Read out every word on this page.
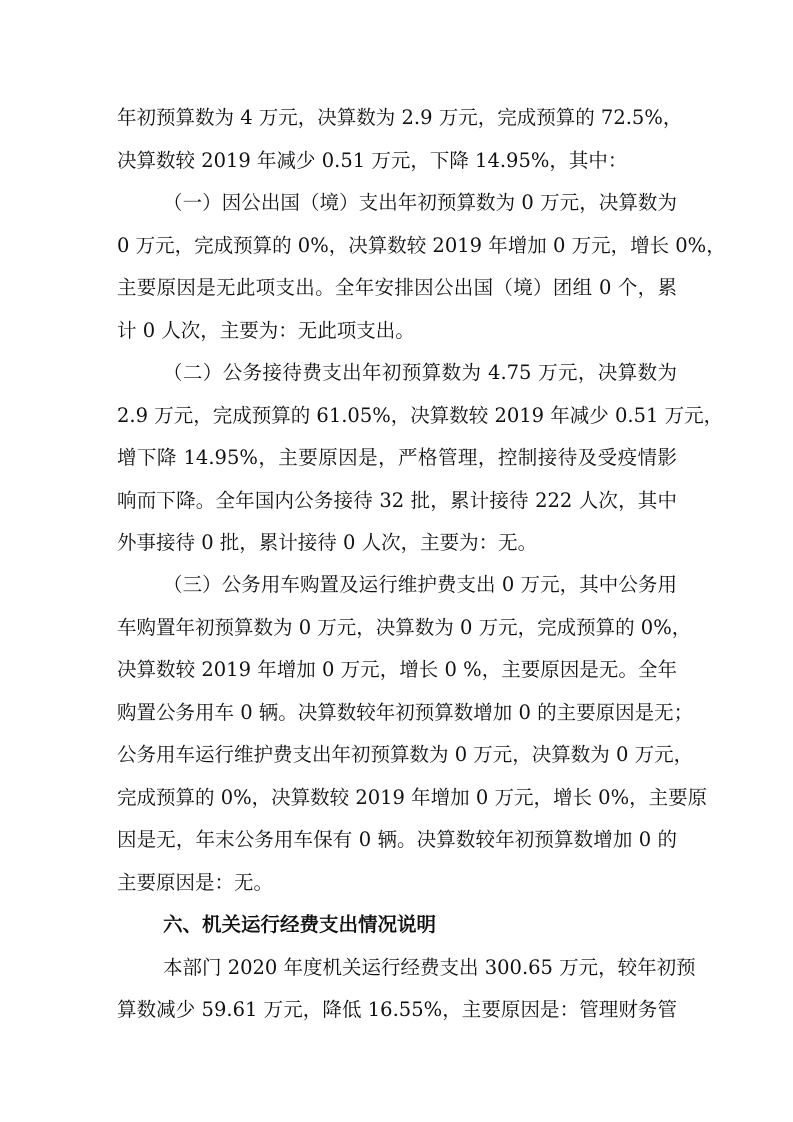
年初预算数为 4 万元，决算数为 2.9 万元，完成预算的 72.5%，
决算数较 2019 年减少 0.51 万元，下降 14.95%，其中：
（一）因公出国（境）支出年初预算数为 0 万元，决算数为
0 万元，完成预算的 0%，决算数较 2019 年增加 0 万元，增长 0%，
主要原因是无此项支出。全年安排因公出国（境）团组 0 个，累
计 0 人次，主要为：无此项支出。
（二）公务接待费支出年初预算数为 4.75 万元，决算数为
2.9 万元，完成预算的 61.05%，决算数较 2019 年减少 0.51 万元，
增下降 14.95%，主要原因是，严格管理，控制接待及受疫情影
响而下降。全年国内公务接待 32 批，累计接待 222 人次，其中
外事接待 0 批，累计接待 0 人次，主要为：无。
（三）公务用车购置及运行维护费支出 0 万元，其中公务用
车购置年初预算数为 0 万元，决算数为 0 万元，完成预算的 0%，
决算数较 2019 年增加 0 万元，增长 0 %，主要原因是无。全年
购置公务用车 0 辆。决算数较年初预算数增加 0 的主要原因是无；
公务用车运行维护费支出年初预算数为 0 万元，决算数为 0 万元，
完成预算的 0%，决算数较 2019 年增加 0 万元，增长 0%，主要原
因是无，年末公务用车保有 0 辆。决算数较年初预算数增加 0 的
主要原因是：无。
六、机关运行经费支出情况说明
本部门 2020 年度机关运行经费支出 300.65 万元，较年初预
算数减少 59.61 万元，降低 16.55%，主要原因是：管理财务管
